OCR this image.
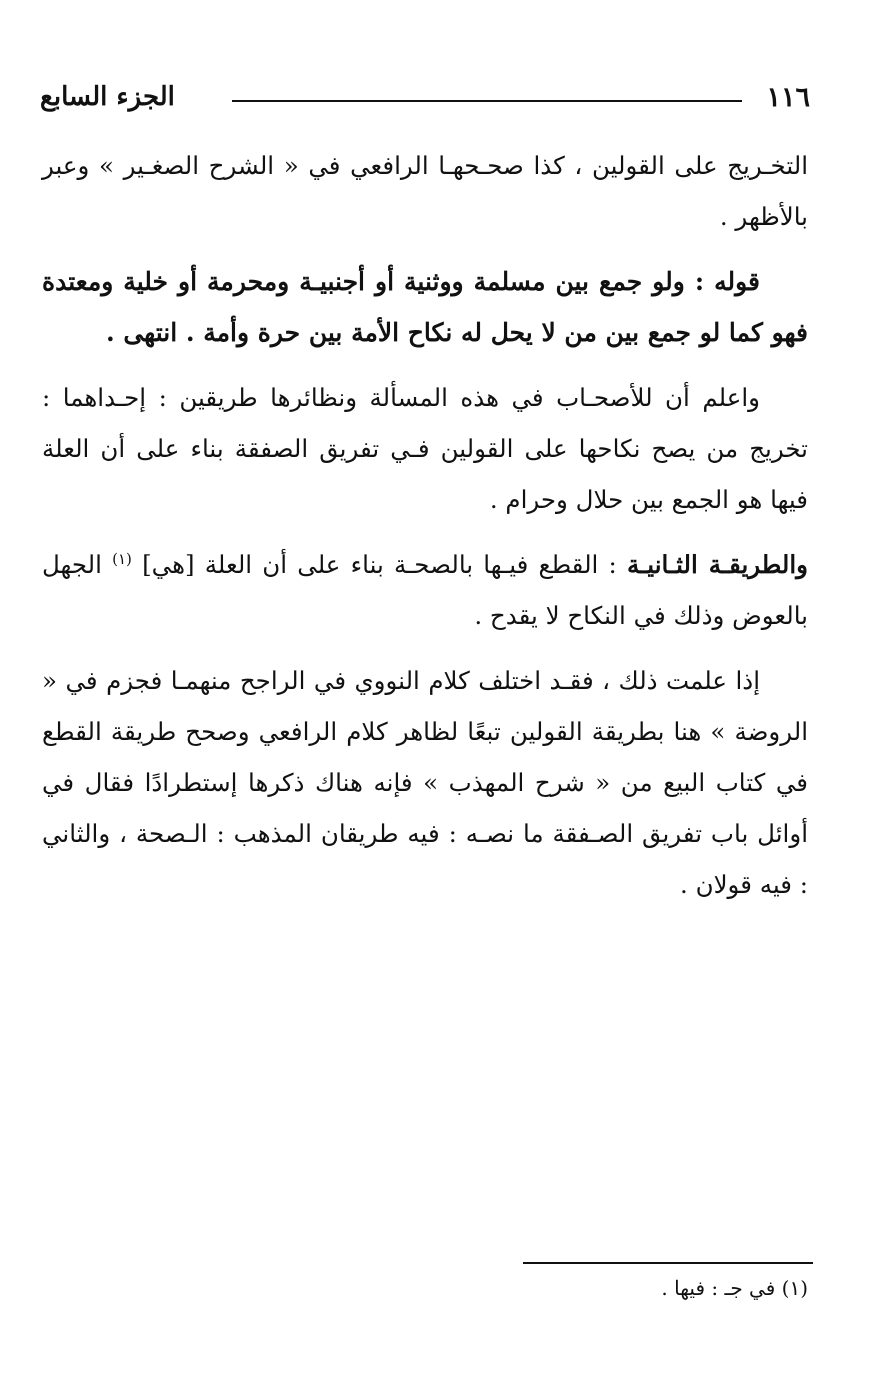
١١٦
الجزء السابع

التخـريج على القولين ، كذا صحـحهـا الرافعي في « الشرح الصغـير » وعبر بالأظهر .

قوله : ولو جمع بين مسلمة ووثنية أو أجنبيـة ومحرمة أو خلية ومعتدة فهو كما لو جمع بين من لا يحل له نكاح الأمة بين حرة وأمة . انتهى .

واعلم أن للأصحـاب في هذه المسألة ونظائرها طريقين : إحـداهما : تخريج من يصح نكاحها على القولين فـي تفريق الصفقة بناء على أن العلة فيها هو الجمع بين حلال وحرام .

والطريقـة الثـانيـة : القطع فيـها بالصحـة بناء على أن العلة [هي] $^{(١)}$ الجهل بالعوض وذلك في النكاح لا يقدح .

إذا علمت ذلك ، فقـد اختلف كلام النووي في الراجح منهمـا فجزم في « الروضة » هنا بطريقة القولين تبعًا لظاهر كلام الرافعي وصحح طريقة القطع في كتاب البيع من « شرح المهذب » فإنه هناك ذكرها إستطرادًا فقال في أوائل باب تفريق الصـفقة ما نصـه : فيه طريقان المذهب : الـصحة ، والثاني : فيه قولان .

(١) في جـ : فيها .
